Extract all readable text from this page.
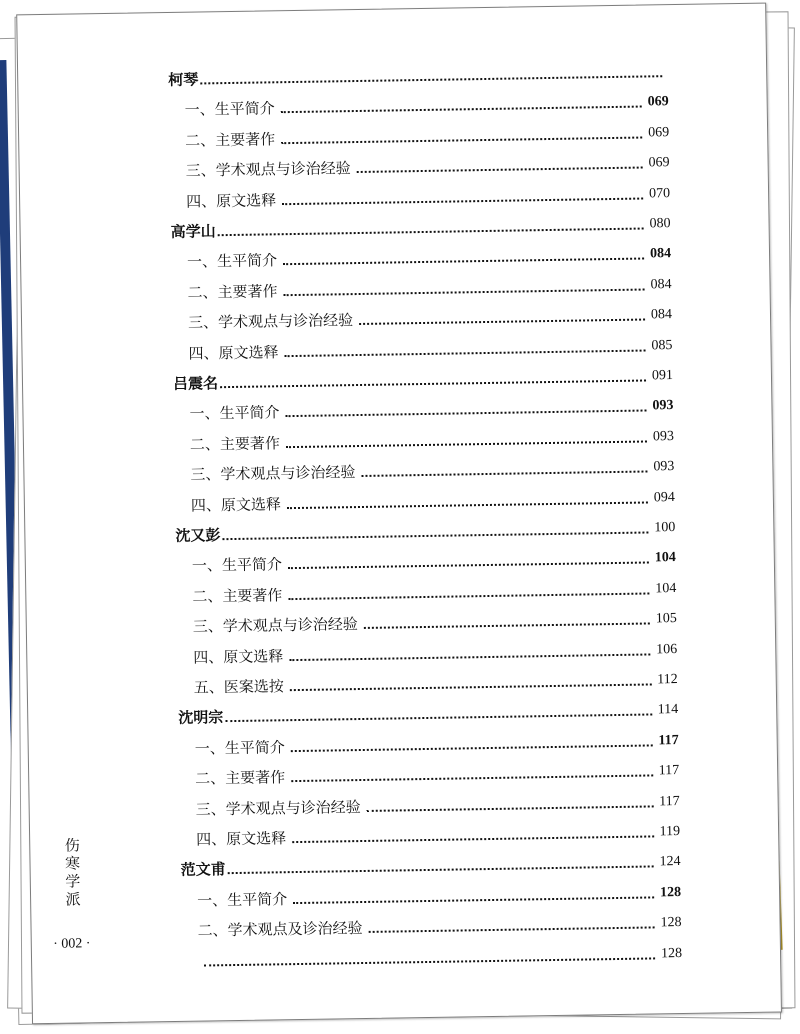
柯琴
一、生平简介	069
二、主要著作	069
三、学术观点与诊治经验	069
四、原文选释	070
高学山	080
一、生平简介	084
二、主要著作	084
三、学术观点与诊治经验	084
四、原文选释	085
吕震名	091
一、生平简介	093
二、主要著作	093
三、学术观点与诊治经验	093
四、原文选释	094
沈又彭	100
一、生平简介	104
二、主要著作	104
三、学术观点与诊治经验	105
四、原文选释	106
五、医案选按	112
沈明宗	114
一、生平简介	117
二、主要著作	117
三、学术观点与诊治经验	117
四、原文选释	119
范文甫	124
一、生平简介	128
二、学术观点及诊治经验	128
128
伤
寒
学
派
· 002 ·
